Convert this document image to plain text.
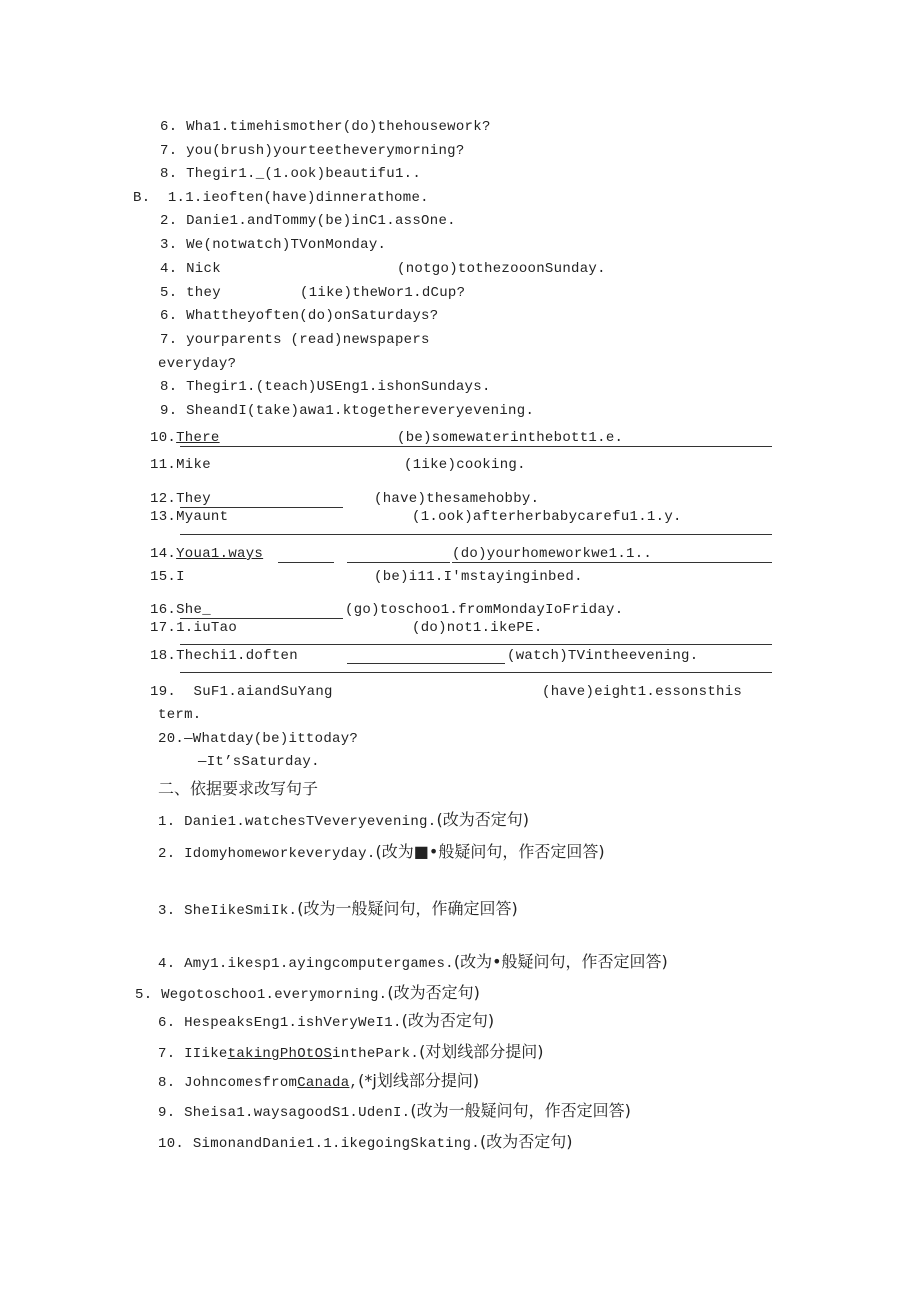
6. Wha1.timehismother(do)thehousework?
7. you(brush)yourteetheverymorning?
8. Thegir1._(1.ook)beautifu1..
B. 1.1.ieoften(have)dinnerathome.
2. Danie1.andTommy(be)inC1.assOne.
3. We(notwatch)TVonMonday.
4. Nick	(notgo)tothezooonSunday.
5. they	(1ike)theWor1.dCup?
6. Whattheyoften(do)onSaturdays?
7. yourparents (read)newspapers
everyday?
8. Thegir1.(teach)USEng1.ishonSundays.
9. SheandI(take)awa1.ktogethereveryevening.
10.There	(be)somewaterinthebott1.e.
11.Mike	(1ike)cooking.
12.They	(have)thesamehobby.
13.Myaunt	(1.ook)afterherbabycarefu1.1.y.
14.Youa1.ways	(do)yourhomeworkwe1.1..
15.I	(be)i11.I'mstayinginbed.
16.She_	(go)toschoo1.fromMondayIoFriday.
17.1.iuTao	(do)not1.ikePE.
18.Thechi1.doften	(watch)TVintheevening.
19. SuF1.aiandSuYang	(have)eight1.essonsthis
term.
20.—Whatday(be)ittoday?
—It’sSaturday.
二、依据要求改写句子
1. Danie1.watchesTVeveryevening.(改为否定句)
2. Idomyhomeworkeveryday.(改为■•般疑问句，作否定回答)
3. SheIikeSmiIk.(改为一般疑问句，作确定回答)
4. Amy1.ikesp1.ayingcomputergames.(改为•般疑问句，作否定回答)
5. Wegotoschoo1.everymorning.(改为否定句)
6. HespeaksEng1.ishVeryWeI1.(改为否定句)
7. IIiketakingPhOtOSinthePark.(对划线部分提问)
8. JohncomesfromCanada,(*j划线部分提问)
9. Sheisa1.waysagoodS1.UdenI.(改为一般疑问句，作否定回答)
10. SimonandDanie1.1.ikegoingSkating.(改为否定句)
